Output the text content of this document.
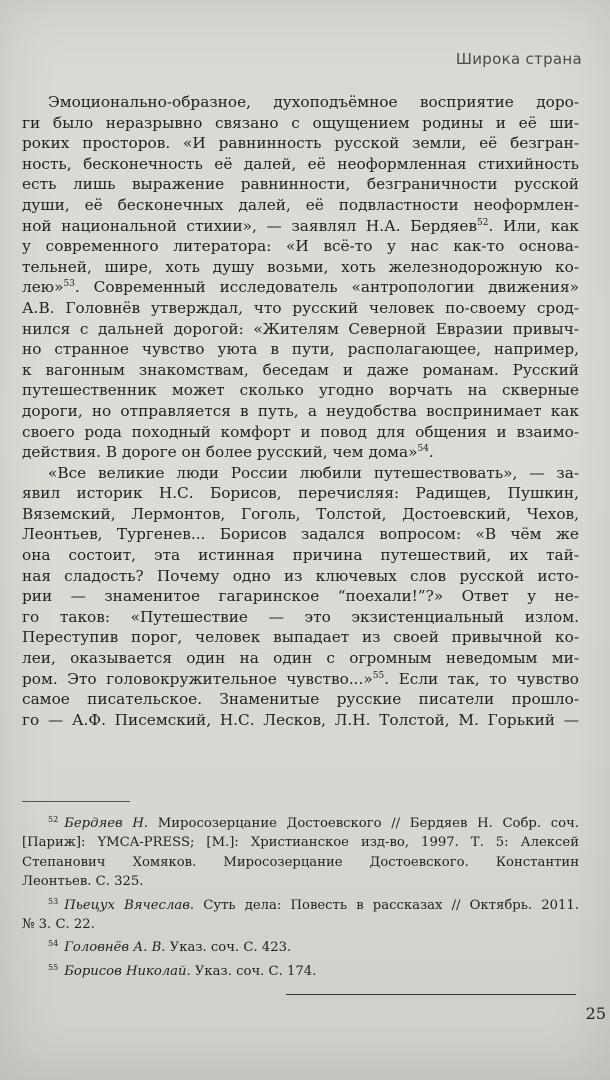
Широка страна
Эмоционально-образное, духоподъёмное восприятие доро-
ги было неразрывно связано с ощущением родины и её ши-
роких просторов. «И равнинность русской земли, её безгран-
ность, бесконечность её далей, её неоформленная стихийность
есть лишь выражение равнинности, безграничности русской
души, её бесконечных далей, её подвластности неоформлен-
ной национальной стихии», — заявлял Н.А. Бердяев$^{52}$. Или, как
у современного литератора: «И всё-то у нас как-то основа-
тельней, шире, хоть душу возьми, хоть железнодорожную ко-
лею»$^{53}$. Современный исследователь «антропологии движения»
А.В. Головнёв утверждал, что русский человек по-своему срод-
нился с дальней дорогой: «Жителям Северной Евразии привыч-
но странное чувство уюта в пути, располагающее, например,
к вагонным знакомствам, беседам и даже романам. Русский
путешественник может сколько угодно ворчать на скверные
дороги, но отправляется в путь, а неудобства воспринимает как
своего рода походный комфорт и повод для общения и взаимо-
действия. В дороге он более русский, чем дома»$^{54}$.
«Все великие люди России любили путешествовать», — за-
явил историк Н.С. Борисов, перечисляя: Радищев, Пушкин,
Вяземский, Лермонтов, Гоголь, Толстой, Достоевский, Чехов,
Леонтьев, Тургенев... Борисов задался вопросом: «В чём же
она состоит, эта истинная причина путешествий, их тай-
ная сладость? Почему одно из ключевых слов русской исто-
рии — знаменитое гагаринское “поехали!”?» Ответ у не-
го таков: «Путешествие — это экзистенциальный излом.
Переступив порог, человек выпадает из своей привычной ко-
леи, оказывается один на один с огромным неведомым ми-
ром. Это головокружительное чувство...»$^{55}$. Если так, то чувство
самое писательское. Знаменитые русские писатели прошло-
го — А.Ф. Писемский, Н.С. Лесков, Л.Н. Толстой, М. Горький —
$^{52}$ Бердяев Н. Миросозерцание Достоевского // Бердяев Н. Собр. соч.
[Париж]: YMCA-PRESS; [М.]: Христианское изд-во, 1997. Т. 5: Алексей
Степанович Хомяков. Миросозерцание Достоевского. Константин
Леонтьев. С. 325.
$^{53}$ Пьецух Вячеслав. Суть дела: Повесть в рассказах // Октябрь. 2011.
№ 3. С. 22.
$^{54}$ Головнёв А. В. Указ. соч. С. 423.
$^{55}$ Борисов Николай. Указ. соч. С. 174.
25
